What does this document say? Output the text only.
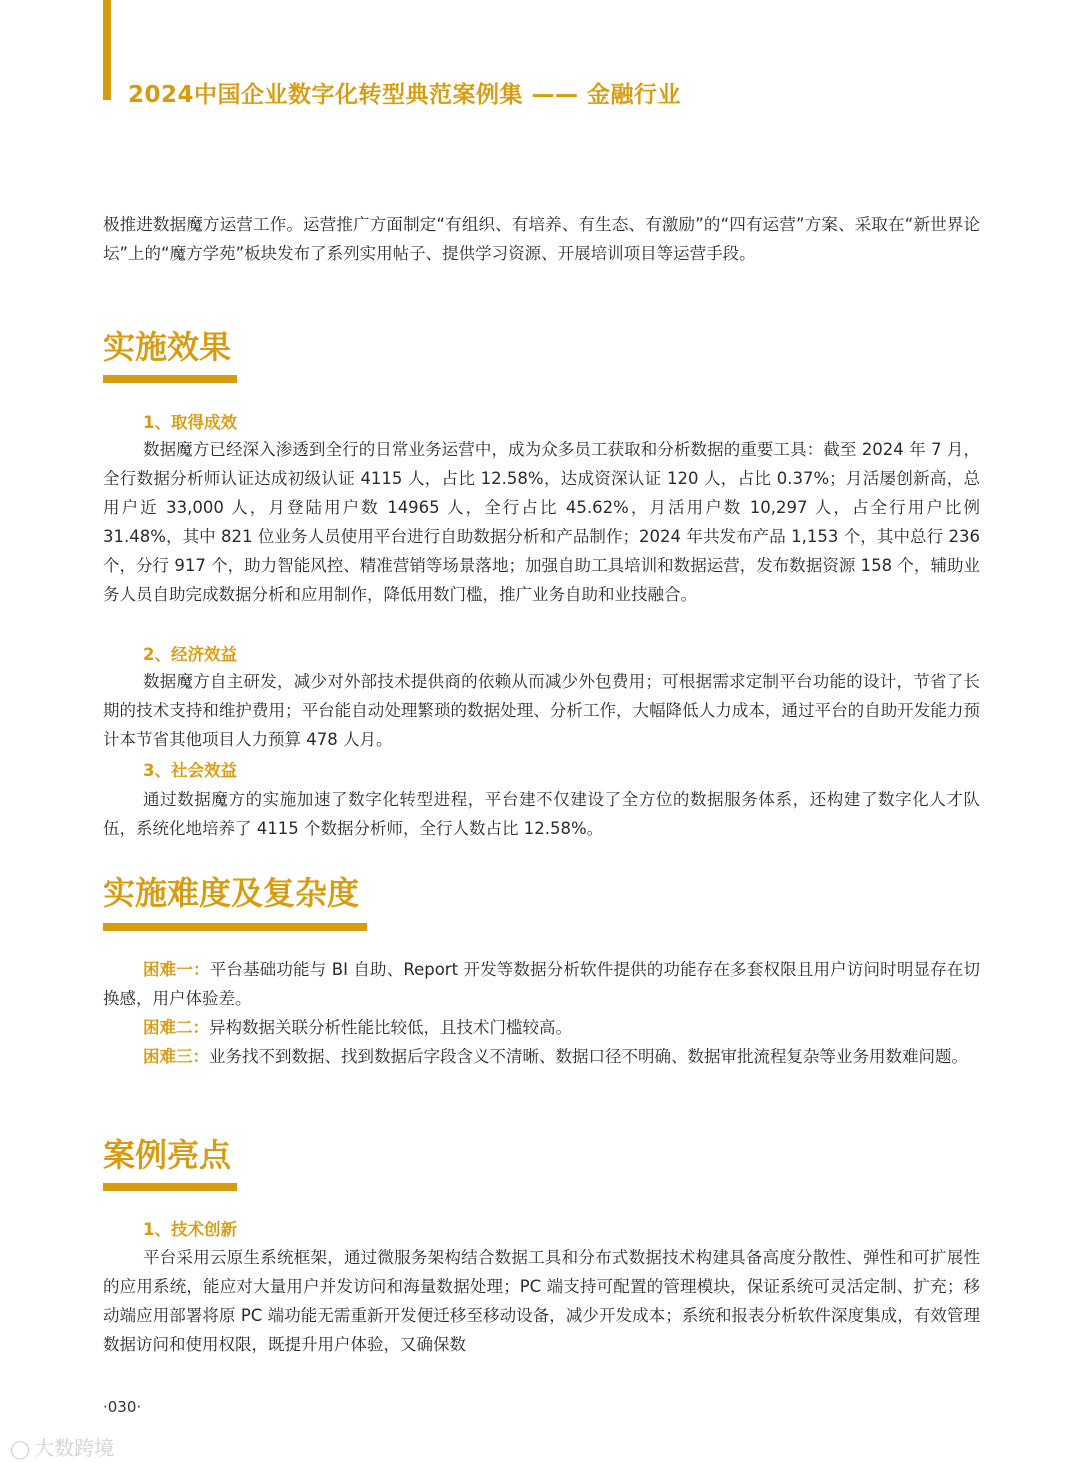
2024中国企业数字化转型典范案例集 —— 金融行业

极推进数据魔方运营工作。运营推广方面制定“有组织、有培养、有生态、有激励”的“四有运营”方案、采取在“新世界论坛”上的“魔方学苑”板块发布了系列实用帖子、提供学习资源、开展培训项目等运营手段。

实施效果
1、取得成效

数据魔方已经深入渗透到全行的日常业务运营中，成为众多员工获取和分析数据的重要工具：截至 2024 年 7 月，全行数据分析师认证达成初级认证 4115 人，占比 12.58%，达成资深认证 120 人，占比 0.37%；月活屡创新高，总用户近 33,000 人，月登陆用户数 14965 人，全行占比 45.62%，月活用户数 10,297 人，占全行用户比例 31.48%，其中 821 位业务人员使用平台进行自助数据分析和产品制作；2024 年共发布产品 1,153 个，其中总行 236 个，分行 917 个，助力智能风控、精准营销等场景落地；加强自助工具培训和数据运营，发布数据资源 158 个，辅助业务人员自助完成数据分析和应用制作，降低用数门槛，推广业务自助和业技融合。

2、经济效益

数据魔方自主研发，减少对外部技术提供商的依赖从而减少外包费用；可根据需求定制平台功能的设计，节省了长期的技术支持和维护费用；平台能自动处理繁琐的数据处理、分析工作，大幅降低人力成本，通过平台的自助开发能力预计本节省其他项目人力预算 478 人月。

3、社会效益

通过数据魔方的实施加速了数字化转型进程，平台建不仅建设了全方位的数据服务体系，还构建了数字化人才队伍，系统化地培养了 4115 个数据分析师，全行人数占比 12.58%。

实施难度及复杂度

困难一：平台基础功能与 BI 自助、Report 开发等数据分析软件提供的功能存在多套权限且用户访问时明显存在切换感，用户体验差。

困难二：异构数据关联分析性能比较低，且技术门槛较高。

困难三：业务找不到数据、找到数据后字段含义不清晰、数据口径不明确、数据审批流程复杂等业务用数难问题。

案例亮点
1、技术创新

平台采用云原生系统框架，通过微服务架构结合数据工具和分布式数据技术构建具备高度分散性、弹性和可扩展性的应用系统，能应对大量用户并发访问和海量数据处理；PC 端支持可配置的管理模块，保证系统可灵活定制、扩充；移动端应用部署将原 PC 端功能无需重新开发便迁移至移动设备，减少开发成本；系统和报表分析软件深度集成，有效管理数据访问和使用权限，既提升用户体验，又确保数

·030·

◯ 大数跨境
